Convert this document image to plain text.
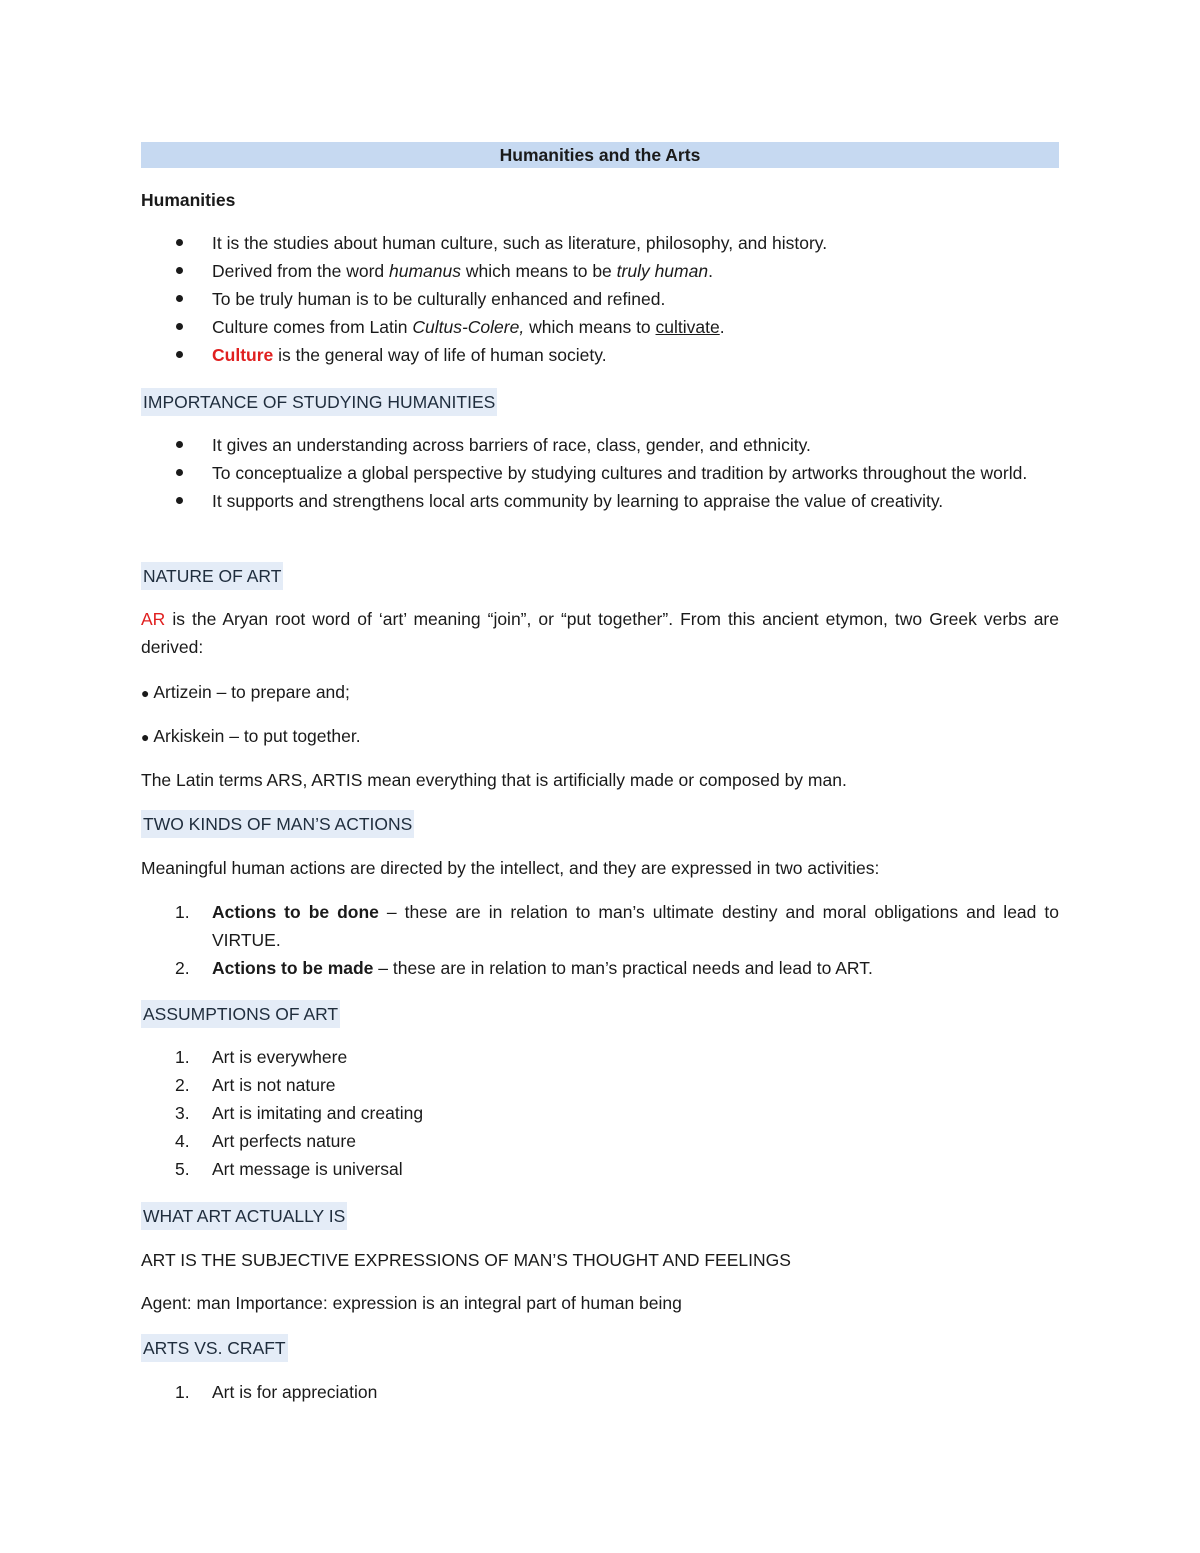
Humanities and the Arts
Humanities
It is the studies about human culture, such as literature, philosophy, and history.
Derived from the word humanus which means to be truly human.
To be truly human is to be culturally enhanced and refined.
Culture comes from Latin Cultus-Colere, which means to cultivate.
Culture is the general way of life of human society.
IMPORTANCE OF STUDYING HUMANITIES
It gives an understanding across barriers of race, class, gender, and ethnicity.
To conceptualize a global perspective by studying cultures and tradition by artworks throughout the world.
It supports and strengthens local arts community by learning to appraise the value of creativity.
NATURE OF ART
AR is the Aryan root word of ‘art’ meaning “join”, or “put together”. From this ancient etymon, two Greek verbs are derived:
● Artizein – to prepare and;
● Arkiskein – to put together.
The Latin terms ARS, ARTIS mean everything that is artificially made or composed by man.
TWO KINDS OF MAN’S ACTIONS
Meaningful human actions are directed by the intellect, and they are expressed in two activities:
1. Actions to be done – these are in relation to man’s ultimate destiny and moral obligations and lead to VIRTUE.
2. Actions to be made – these are in relation to man’s practical needs and lead to ART.
ASSUMPTIONS OF ART
1. Art is everywhere
2. Art is not nature
3. Art is imitating and creating
4. Art perfects nature
5. Art message is universal
WHAT ART ACTUALLY IS
ART IS THE SUBJECTIVE EXPRESSIONS OF MAN’S THOUGHT AND FEELINGS
Agent: man Importance: expression is an integral part of human being
ARTS VS. CRAFT
1. Art is for appreciation
